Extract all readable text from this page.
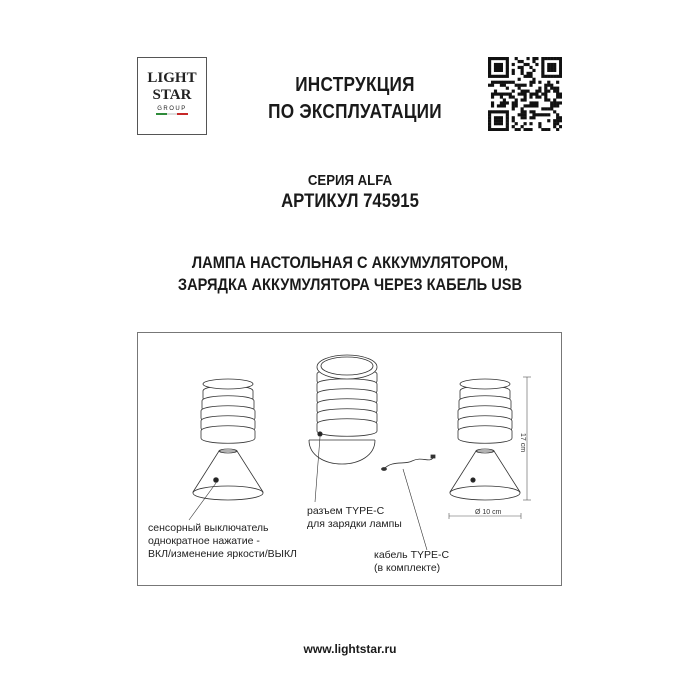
LIGHT
STAR
GROUP
ИНСТРУКЦИЯ
ПО ЭКСПЛУАТАЦИИ
СЕРИЯ ALFA
АРТИКУЛ 745915
ЛАМПА НАСТОЛЬНАЯ С АККУМУЛЯТОРОМ,
ЗАРЯДКА АККУМУЛЯТОРА ЧЕРЕЗ КАБЕЛЬ USB
17 cm
Ø 10 cm
сенсорный выключатель
однократное нажатие -
ВКЛ/изменение яркости/ВЫКЛ
разъем TYPE-C
для зарядки лампы
кабель TYPE-C
(в комплекте)
www.lightstar.ru
